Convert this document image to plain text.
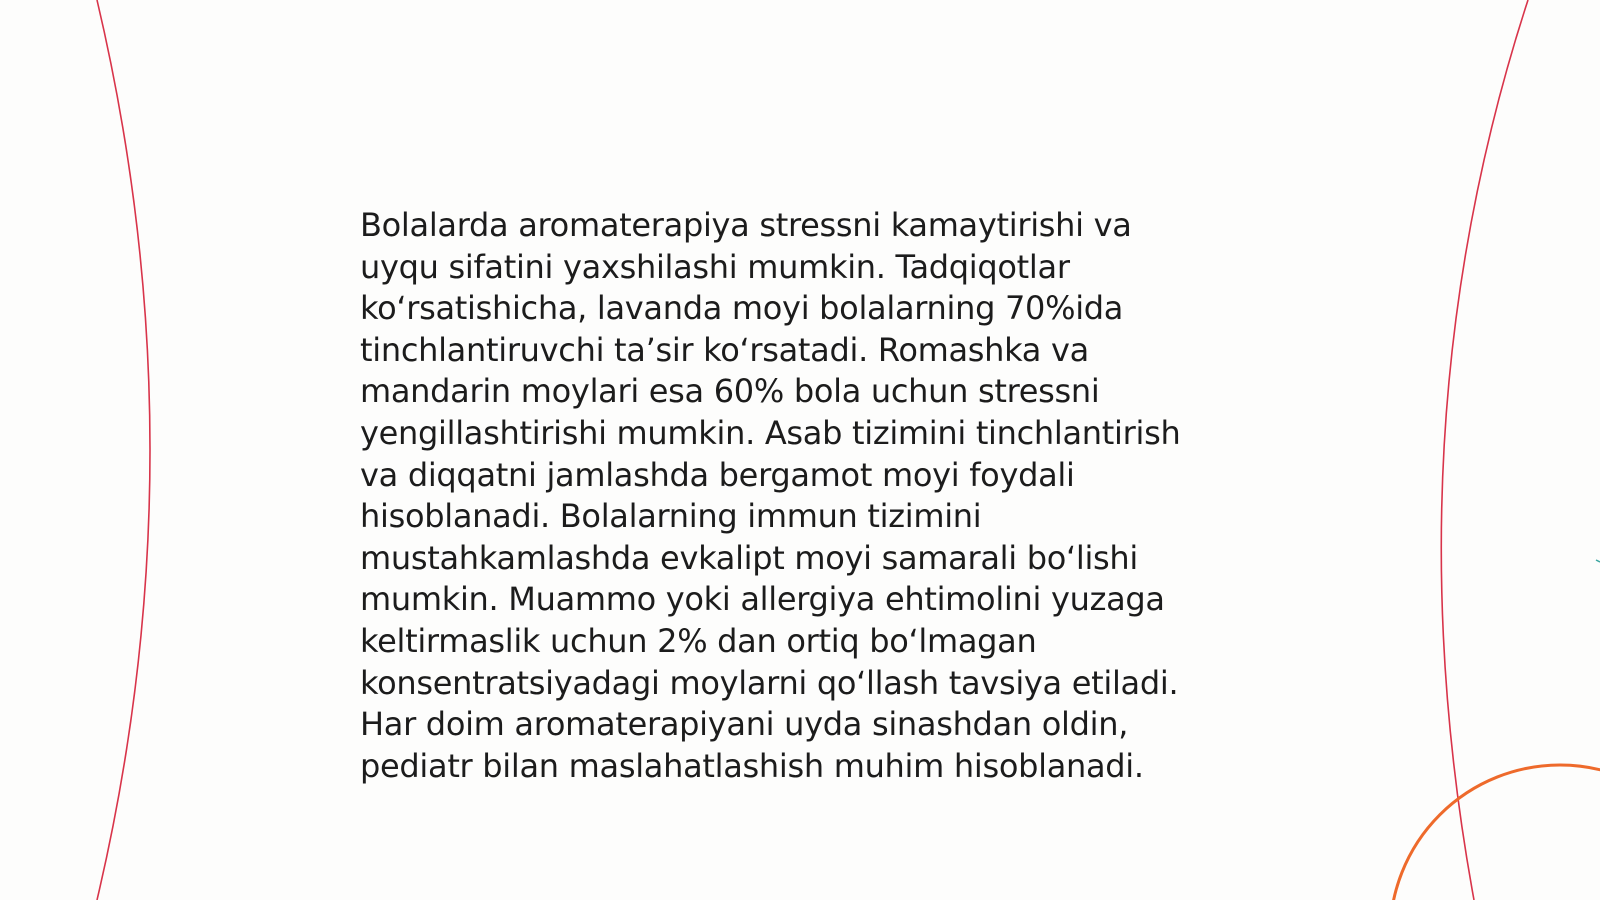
Bolalarda aromaterapiya stressni kamaytirishi va
uyqu sifatini yaxshilashi mumkin. Tadqiqotlar
koʻrsatishicha, lavanda moyi bolalarning 70%ida
tinchlantiruvchi taʼsir koʻrsatadi. Romashka va
mandarin moylari esa 60% bola uchun stressni
yengillashtirishi mumkin. Asab tizimini tinchlantirish
va diqqatni jamlashda bergamot moyi foydali
hisoblanadi. Bolalarning immun tizimini
mustahkamlashda evkalipt moyi samarali boʻlishi
mumkin. Muammo yoki allergiya ehtimolini yuzaga
keltirmaslik uchun 2% dan ortiq boʻlmagan
konsentratsiyadagi moylarni qoʻllash tavsiya etiladi.
Har doim aromaterapiyani uyda sinashdan oldin,
pediatr bilan maslahatlashish muhim hisoblanadi.
